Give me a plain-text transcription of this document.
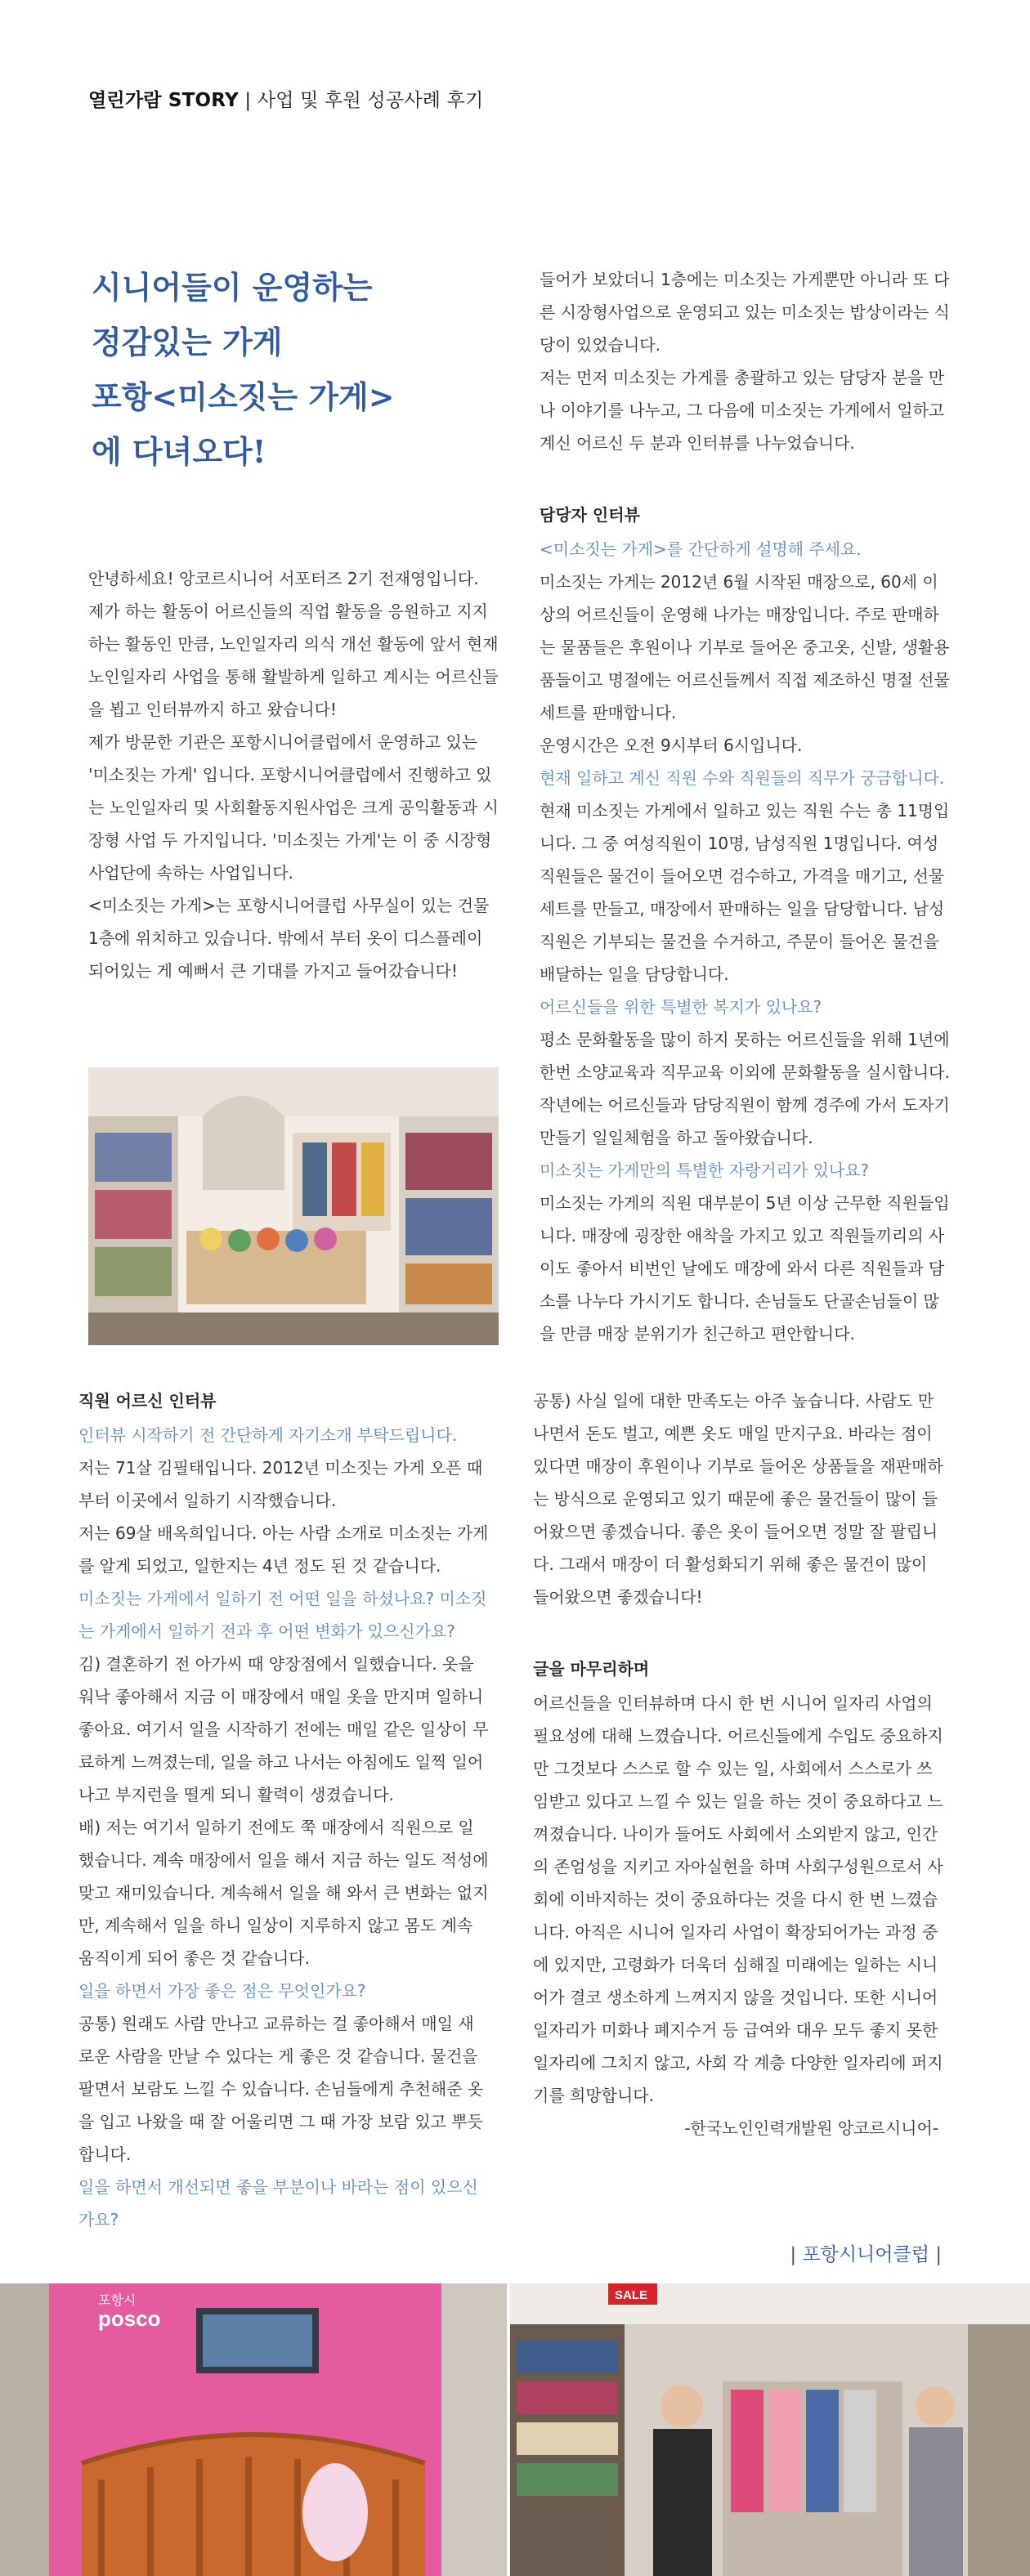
열린가람 STORY | 사업 및 후원 성공사례 후기
시니어들이 운영하는
정감있는 가게
포항<미소짓는 가게>
에 다녀오다!

안녕하세요! 앙코르시니어 서포터즈 2기 전재영입니다.

제가 하는 활동이 어르신들의 직업 활동을 응원하고 지지하는 활동인 만큼, 노인일자리 의식 개선 활동에 앞서 현재 노인일자리 사업을 통해 활발하게 일하고 계시는 어르신들을 뵙고 인터뷰까지 하고 왔습니다!

제가 방문한 기관은 포항시니어클럽에서 운영하고 있는 '미소짓는 가게' 입니다. 포항시니어클럽에서 진행하고 있는 노인일자리 및 사회활동지원사업은 크게 공익활동과 시장형 사업 두 가지입니다. '미소짓는 가게'는 이 중 시장형 사업단에 속하는 사업입니다.

<미소짓는 가게>는 포항시니어클럽 사무실이 있는 건물 1층에 위치하고 있습니다. 밖에서 부터 옷이 디스플레이 되어있는 게 예뻐서 큰 기대를 가지고 들어갔습니다!

들어가 보았더니 1층에는 미소짓는 가게뿐만 아니라 또 다른 시장형사업으로 운영되고 있는 미소짓는 밥상이라는 식당이 있었습니다.

저는 먼저 미소짓는 가게를 총괄하고 있는 담당자 분을 만나 이야기를 나누고, 그 다음에 미소짓는 가게에서 일하고 계신 어르신 두 분과 인터뷰를 나누었습니다.

담당자 인터뷰

<미소짓는 가게>를 간단하게 설명해 주세요.

미소짓는 가게는 2012년 6월 시작된 매장으로, 60세 이상의 어르신들이 운영해 나가는 매장입니다. 주로 판매하는 물품들은 후원이나 기부로 들어온 중고옷, 신발, 생활용품들이고 명절에는 어르신들께서 직접 제조하신 명절 선물세트를 판매합니다.

운영시간은 오전 9시부터 6시입니다.

현재 일하고 계신 직원 수와 직원들의 직무가 궁금합니다.

현재 미소짓는 가게에서 일하고 있는 직원 수는 총 11명입니다. 그 중 여성직원이 10명, 남성직원 1명입니다. 여성직원들은 물건이 들어오면 검수하고, 가격을 매기고, 선물세트를 만들고, 매장에서 판매하는 일을 담당합니다. 남성직원은 기부되는 물건을 수거하고, 주문이 들어온 물건을 배달하는 일을 담당합니다.

어르신들을 위한 특별한 복지가 있나요?

평소 문화활동을 많이 하지 못하는 어르신들을 위해 1년에 한번 소양교육과 직무교육 이외에 문화활동을 실시합니다. 작년에는 어르신들과 담당직원이 함께 경주에 가서 도자기 만들기 일일체험을 하고 돌아왔습니다.

미소짓는 가게만의 특별한 자랑거리가 있나요?

미소짓는 가게의 직원 대부분이 5년 이상 근무한 직원들입니다. 매장에 굉장한 애착을 가지고 있고 직원들끼리의 사이도 좋아서 비번인 날에도 매장에 와서 다른 직원들과 담소를 나누다 가시기도 합니다. 손님들도 단골손님들이 많을 만큼 매장 분위기가 친근하고 편안합니다.

직원 어르신 인터뷰

인터뷰 시작하기 전 간단하게 자기소개 부탁드립니다.

저는 71살 김필태입니다. 2012년 미소짓는 가게 오픈 때부터 이곳에서 일하기 시작했습니다.

저는 69살 배옥희입니다. 아는 사람 소개로 미소짓는 가게를 알게 되었고, 일한지는 4년 정도 된 것 같습니다.

미소짓는 가게에서 일하기 전 어떤 일을 하셨나요? 미소짓는 가게에서 일하기 전과 후 어떤 변화가 있으신가요?

김) 결혼하기 전 아가씨 때 양장점에서 일했습니다. 옷을 워낙 좋아해서 지금 이 매장에서 매일 옷을 만지며 일하니 좋아요. 여기서 일을 시작하기 전에는 매일 같은 일상이 무료하게 느껴졌는데, 일을 하고 나서는 아침에도 일찍 일어나고 부지런을 떨게 되니 활력이 생겼습니다.

배) 저는 여기서 일하기 전에도 쭉 매장에서 직원으로 일했습니다. 계속 매장에서 일을 해서 지금 하는 일도 적성에 맞고 재미있습니다. 계속해서 일을 해 와서 큰 변화는 없지만, 계속해서 일을 하니 일상이 지루하지 않고 몸도 계속 움직이게 되어 좋은 것 같습니다.

일을 하면서 가장 좋은 점은 무엇인가요?

공통) 원래도 사람 만나고 교류하는 걸 좋아해서 매일 새로운 사람을 만날 수 있다는 게 좋은 것 같습니다. 물건을 팔면서 보람도 느낄 수 있습니다. 손님들에게 추천해준 옷을 입고 나왔을 때 잘 어울리면 그 때 가장 보람 있고 뿌듯합니다.

일을 하면서 개선되면 좋을 부분이나 바라는 점이 있으신가요?

공통) 사실 일에 대한 만족도는 아주 높습니다. 사람도 만나면서 돈도 벌고, 예쁜 옷도 매일 만지구요. 바라는 점이 있다면 매장이 후원이나 기부로 들어온 상품들을 재판매하는 방식으로 운영되고 있기 때문에 좋은 물건들이 많이 들어왔으면 좋겠습니다. 좋은 옷이 들어오면 정말 잘 팔립니다. 그래서 매장이 더 활성화되기 위해 좋은 물건이 많이 들어왔으면 좋겠습니다!

글을 마무리하며

어르신들을 인터뷰하며 다시 한 번 시니어 일자리 사업의 필요성에 대해 느꼈습니다. 어르신들에게 수입도 중요하지만 그것보다 스스로 할 수 있는 일, 사회에서 스스로가 쓰임받고 있다고 느낄 수 있는 일을 하는 것이 중요하다고 느껴졌습니다. 나이가 들어도 사회에서 소외받지 않고, 인간의 존엄성을 지키고 자아실현을 하며 사회구성원으로서 사회에 이바지하는 것이 중요하다는 것을 다시 한 번 느꼈습니다. 아직은 시니어 일자리 사업이 확장되어가는 과정 중에 있지만, 고령화가 더욱더 심해질 미래에는 일하는 시니어가 결코 생소하게 느껴지지 않을 것입니다. 또한 시니어 일자리가 미화나 폐지수거 등 급여와 대우 모두 좋지 못한 일자리에 그치지 않고, 사회 각 계층 다양한 일자리에 퍼지기를 희망합니다.

-한국노인인력개발원 앙코르시니어-

| 포항시니어클럽 |
posco
포항시	SALE
